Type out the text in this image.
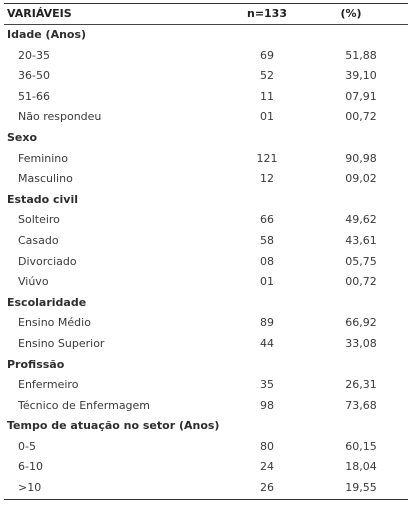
VARIÁVEIS	n=133	(%)
Idade (Anos)
20-35	69	51,88
36-50	52	39,10
51-66	11	07,91
Não respondeu	01	00,72
Sexo
Feminino	121	90,98
Masculino	12	09,02
Estado civil
Solteiro	66	49,62
Casado	58	43,61
Divorciado	08	05,75
Viúvo	01	00,72
Escolaridade
Ensino Médio	89	66,92
Ensino Superior	44	33,08
Profissão
Enfermeiro	35	26,31
Técnico de Enfermagem	98	73,68
Tempo de atuação no setor (Anos)
0-5	80	60,15
6-10	24	18,04
>10	26	19,55
